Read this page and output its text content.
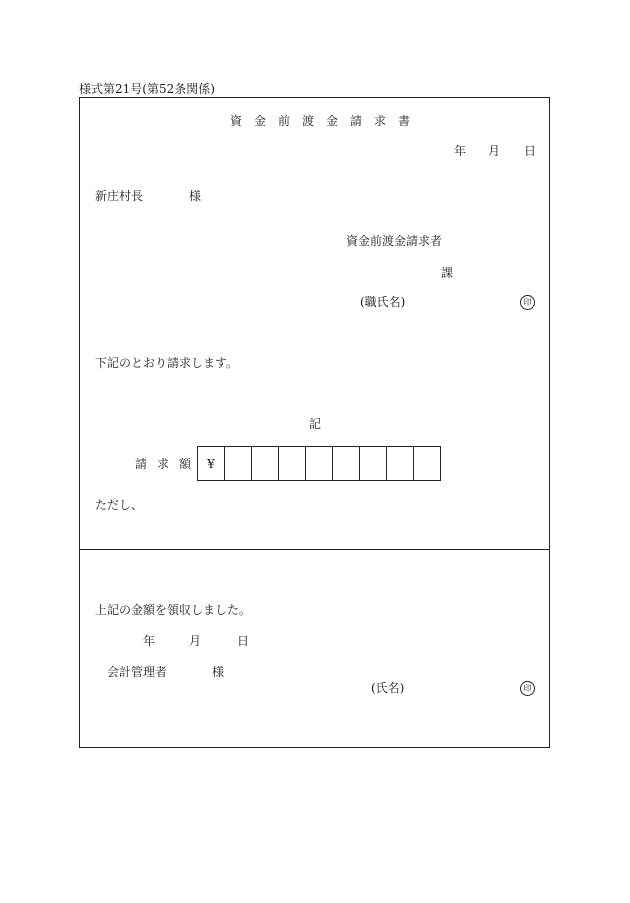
様式第21号(第52条関係)
資金前渡金請求書
年 月 日
新庄村長	様
資金前渡金請求者
課
(職氏名)	印
下記のとおり請求します。
記
請求額 ¥
ただし、
上記の金額を領収しました。
年	月	日
会計管理者	様
(氏名)	印
